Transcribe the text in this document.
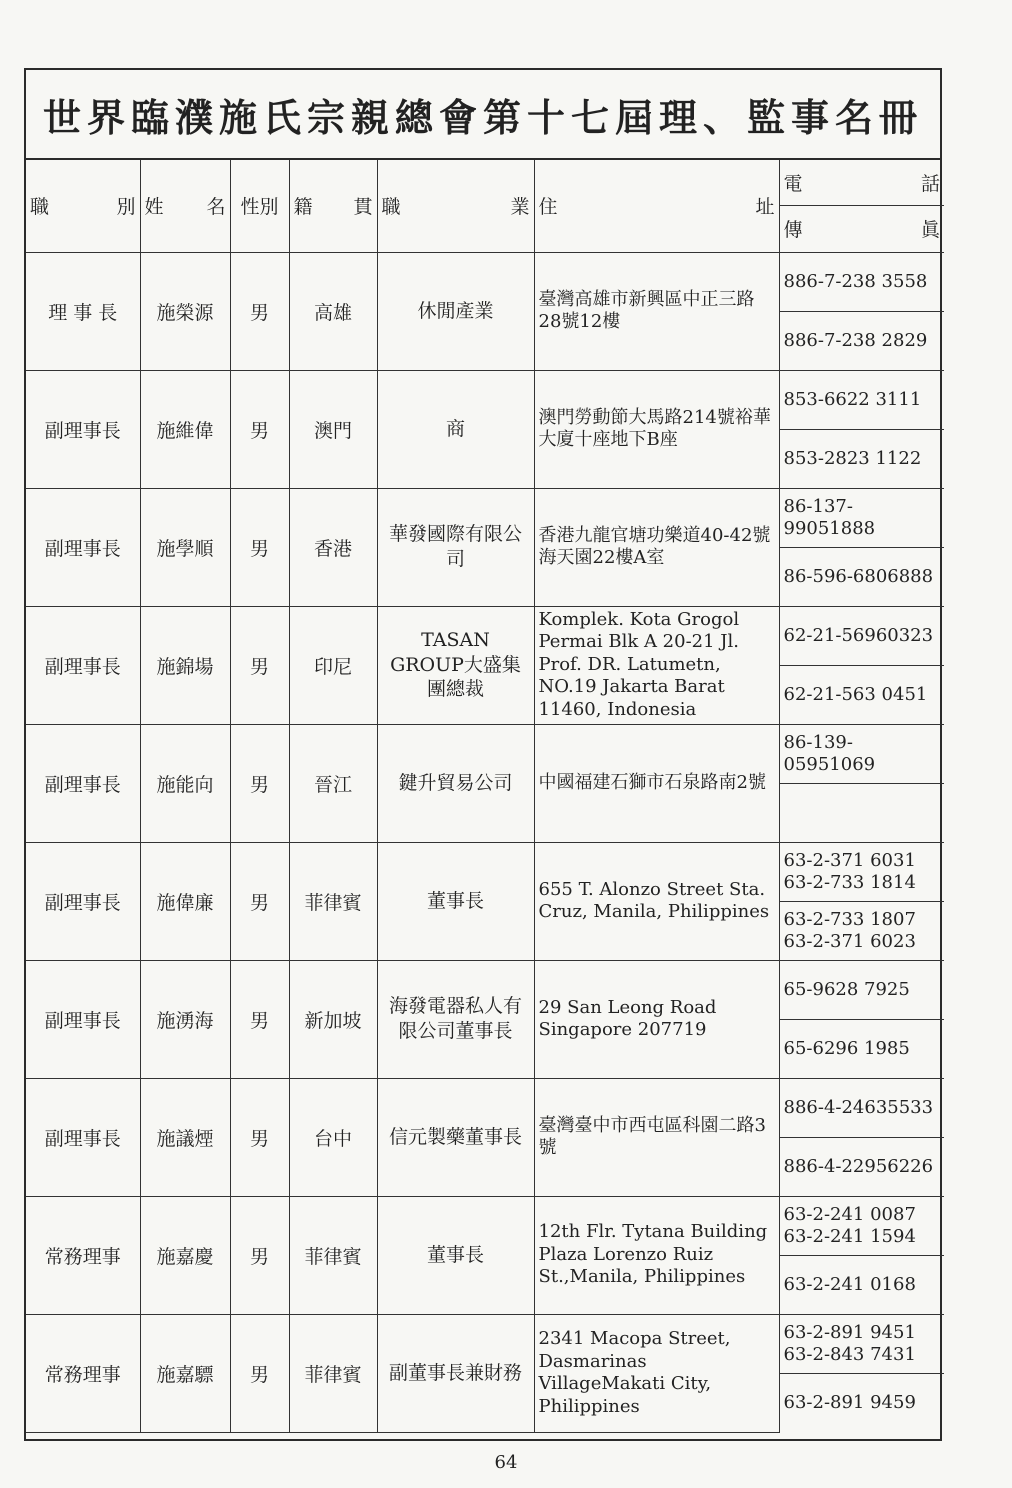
世界臨濮施氏宗親總會第十七屆理、監事名冊
職 別	姓 名	性別	籍 貫	職 業	住 址	電 話

						傳 眞

理 事 長	施榮源	男	高雄	休閒產業	臺灣高雄市新興區中正三路28號12樓	886-7-238 3558
						886-7-238 2829
副理事長	施維偉	男	澳門	商	澳門勞動節大馬路214號裕華大廈十座地下B座	853-6622 3111
						853-2823 1122
副理事長	施學順	男	香港	華發國際有限公司	香港九龍官塘功樂道40-42號 海天園22樓A室	86-137-99051888
						86-596-6806888
副理事長	施錦場	男	印尼	TASAN GROUP大盛集團總裁	Komplek. Kota Grogol Permai Blk A 20-21 Jl. Prof. DR. Latumetn, NO.19 Jakarta Barat 11460, Indonesia	62-21-56960323
						62-21-563 0451
副理事長	施能向	男	晉江	鍵升貿易公司	中國福建石獅市石泉路南2號	86-139-05951069

副理事長	施偉廉	男	菲律賓	董事長	655 T. Alonzo Street Sta. Cruz, Manila, Philippines	63-2-371 6031
63-2-733 1814
						63-2-733 1807
63-2-371 6023
副理事長	施湧海	男	新加坡	海發電器私人有限公司董事長	29 San Leong Road Singapore 207719	65-9628 7925
						65-6296 1985
副理事長	施議煙	男	台中	信元製藥董事長	臺灣臺中市西屯區科園二路3號	886-4-24635533
						886-4-22956226
常務理事	施嘉慶	男	菲律賓	董事長	12th Flr. Tytana Building Plaza Lorenzo Ruiz St.,Manila, Philippines	63-2-241 0087
63-2-241 1594
						63-2-241 0168
常務理事	施嘉驃	男	菲律賓	副董事長兼財務	2341 Macopa Street, Dasmarinas VillageMakati City, Philippines	63-2-891 9451
63-2-843 7431
						63-2-891 9459
64
